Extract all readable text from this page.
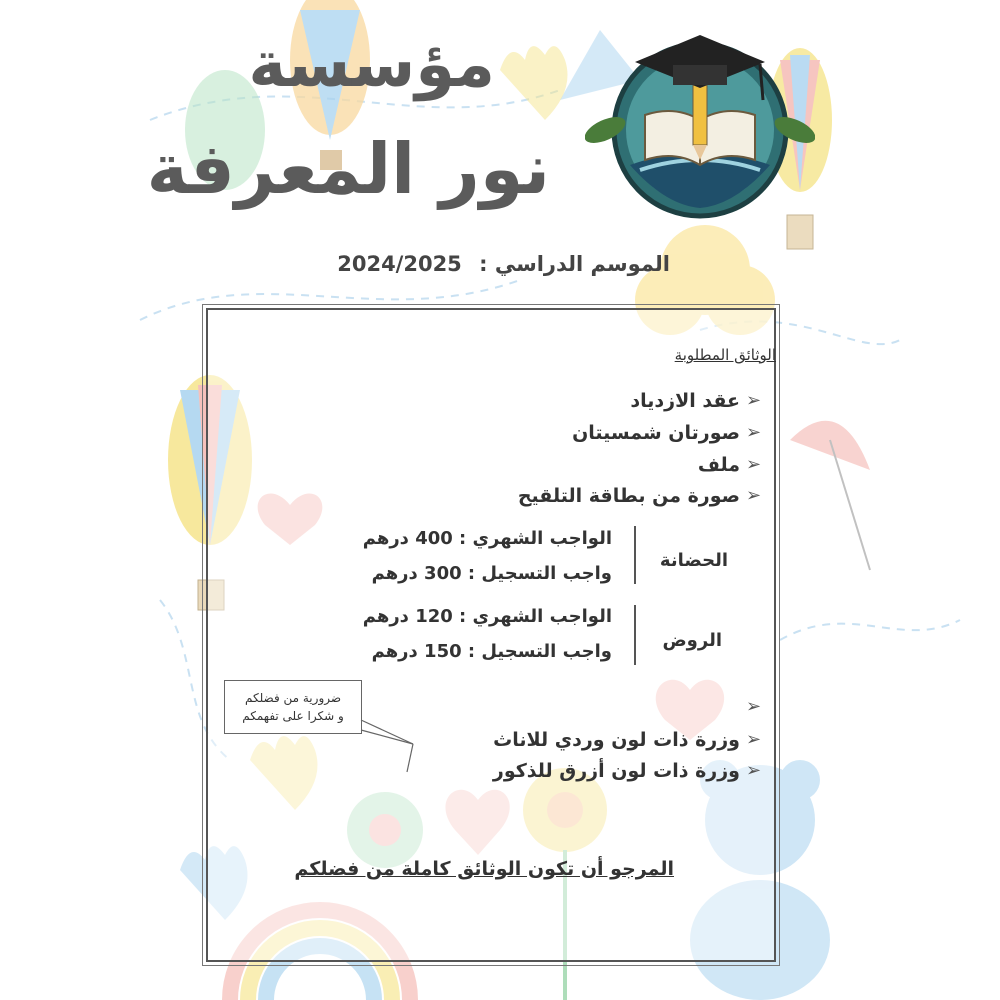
مؤسسة
نور المعرفة
الموسم الدراسي : 2024/2025
الوثائق المطلوبة
➢
عقد الازدياد
➢
صورتان شمسيتان
➢
ملف
➢
صورة من بطاقة التلقيح
الحضانة
الواجب الشهري : 400 درهم
واجب التسجيل : 300 درهم
الروض
الواجب الشهري : 120 درهم
واجب التسجيل : 150 درهم
➢
➢
وزرة ذات لون وردي للاناث
➢
وزرة ذات لون أزرق للذكور
ضرورية من فضلكم
و شكرا على تفهمكم
المرجو أن تكون الوثائق كاملة من فضلكم
